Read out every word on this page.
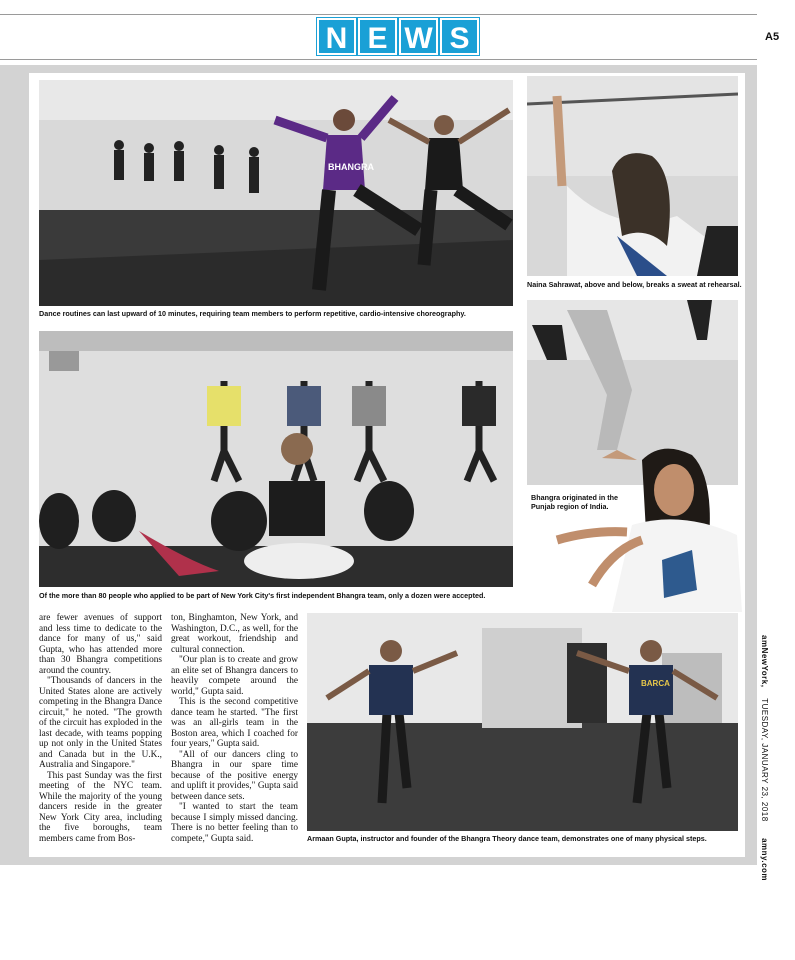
N E W S	A5
BHANGRA
Dance routines can last upward of 10 minutes, requiring team members to perform repetitive, cardio-intensive choreography.
Naina Sahrawat, above and below, breaks a sweat at rehearsal.
Of the more than 80 people who applied to be part of New York City's first independent Bhangra team, only a dozen were accepted.
Bhangra originated in the Punjab region of India.
BARCA
Armaan Gupta, instructor and founder of the Bhangra Theory dance team, demonstrates one of many physical steps.

are fewer avenues of support and less time to dedicate to the dance for many of us," said Gupta, who has attended more than 30 Bhangra competitions around the country.

"Thousands of dancers in the United States alone are actively competing in the Bhangra Dance circuit," he noted. "The growth of the circuit has exploded in the last decade, with teams popping up not only in the United States and Canada but in the U.K., Australia and Singapore."

This past Sunday was the first meeting of the NYC team. While the majority of the young dancers reside in the greater New York City area, including the five boroughs, team members came from Bos-

ton, Binghamton, New York, and Washington, D.C., as well, for the great workout, friendship and cultural connection.

"Our plan is to create and grow an elite set of Bhangra dancers to heavily compete around the world," Gupta said.

This is the second competitive dance team he started. "The first was an all-girls team in the Boston area, which I coached for four years," Gupta said.

"All of our dancers cling to Bhangra in our spare time because of the positive energy and uplift it provides," Gupta said between dance sets.

"I wanted to start the team because I simply missed dancing. There is no better feeling than to compete," Gupta said.

amNewYork,    TUESDAY, JANUARY 23, 2018      amny.com
